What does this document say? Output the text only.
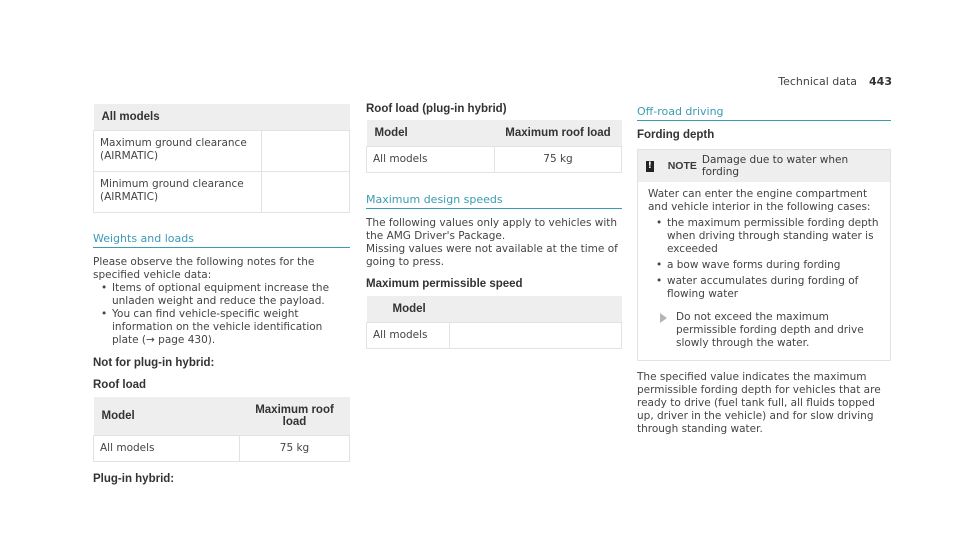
Technical data 443
All models	
Maximum ground clearance (AIRMATIC)	
Minimum ground clearance (AIRMATIC)	
Weights and loads

Please observe the following notes for the specified vehicle data:

• Items of optional equipment increase the unladen weight and reduce the payload.
• You can find vehicle-specific weight information on the vehicle identification plate (→ page 430).
Not for plug-in hybrid:
Roof load
Model	Maximum roof load
All models	75 kg
Plug-in hybrid:
Roof load (plug-in hybrid)
Model	Maximum roof load
All models	75 kg
Maximum design speeds

The following values only apply to vehicles with the AMG Driver's Package.

Missing values were not available at the time of going to press.

Maximum permissible speed
Model
All models	
Off-road driving
Fording depth
! NOTE Damage due to water when fording

Water can enter the engine compartment and vehicle interior in the following cases:

• the maximum permissible fording depth when driving through standing water is exceeded
• a bow wave forms during fording
• water accumulates during fording of flowing water

Do not exceed the maximum permissible fording depth and drive slowly through the water.

The specified value indicates the maximum permissible fording depth for vehicles that are ready to drive (fuel tank full, all fluids topped up, driver in the vehicle) and for slow driving through standing water.
